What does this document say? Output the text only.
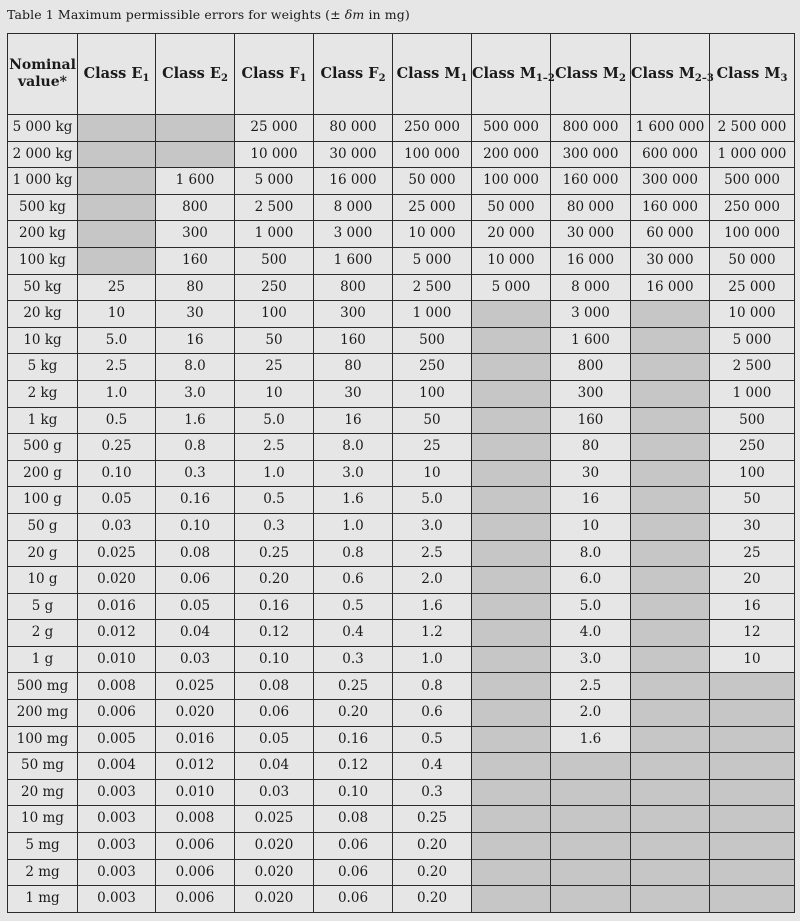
Table 1 Maximum permissible errors for weights (± δm in mg)
Nominal value*	Class $E_1$	Class $E_2$	Class $F_1$	Class $F_2$	Class $M_1$	Class $M_{1-2}$	Class $M_2$	Class $M_{2-3}$	Class $M_3$
5 000 kg			25 000	80 000	250 000	500 000	800 000	1 600 000	2 500 000
2 000 kg			10 000	30 000	100 000	200 000	300 000	600 000	1 000 000
1 000 kg		1 600	5 000	16 000	50 000	100 000	160 000	300 000	500 000
500 kg		800	2 500	8 000	25 000	50 000	80 000	160 000	250 000
200 kg		300	1 000	3 000	10 000	20 000	30 000	60 000	100 000
100 kg		160	500	1 600	5 000	10 000	16 000	30 000	50 000
50 kg	25	80	250	800	2 500	5 000	8 000	16 000	25 000
20 kg	10	30	100	300	1 000		3 000		10 000
10 kg	5.0	16	50	160	500		1 600		5 000
5 kg	2.5	8.0	25	80	250		800		2 500
2 kg	1.0	3.0	10	30	100		300		1 000
1 kg	0.5	1.6	5.0	16	50		160		500
500 g	0.25	0.8	2.5	8.0	25		80		250
200 g	0.10	0.3	1.0	3.0	10		30		100
100 g	0.05	0.16	0.5	1.6	5.0		16		50
50 g	0.03	0.10	0.3	1.0	3.0		10		30
20 g	0.025	0.08	0.25	0.8	2.5		8.0		25
10 g	0.020	0.06	0.20	0.6	2.0		6.0		20
5 g	0.016	0.05	0.16	0.5	1.6		5.0		16
2 g	0.012	0.04	0.12	0.4	1.2		4.0		12
1 g	0.010	0.03	0.10	0.3	1.0		3.0		10
500 mg	0.008	0.025	0.08	0.25	0.8		2.5		
200 mg	0.006	0.020	0.06	0.20	0.6		2.0		
100 mg	0.005	0.016	0.05	0.16	0.5		1.6		
50 mg	0.004	0.012	0.04	0.12	0.4				
20 mg	0.003	0.010	0.03	0.10	0.3				
10 mg	0.003	0.008	0.025	0.08	0.25				
5 mg	0.003	0.006	0.020	0.06	0.20				
2 mg	0.003	0.006	0.020	0.06	0.20				
1 mg	0.003	0.006	0.020	0.06	0.20				
